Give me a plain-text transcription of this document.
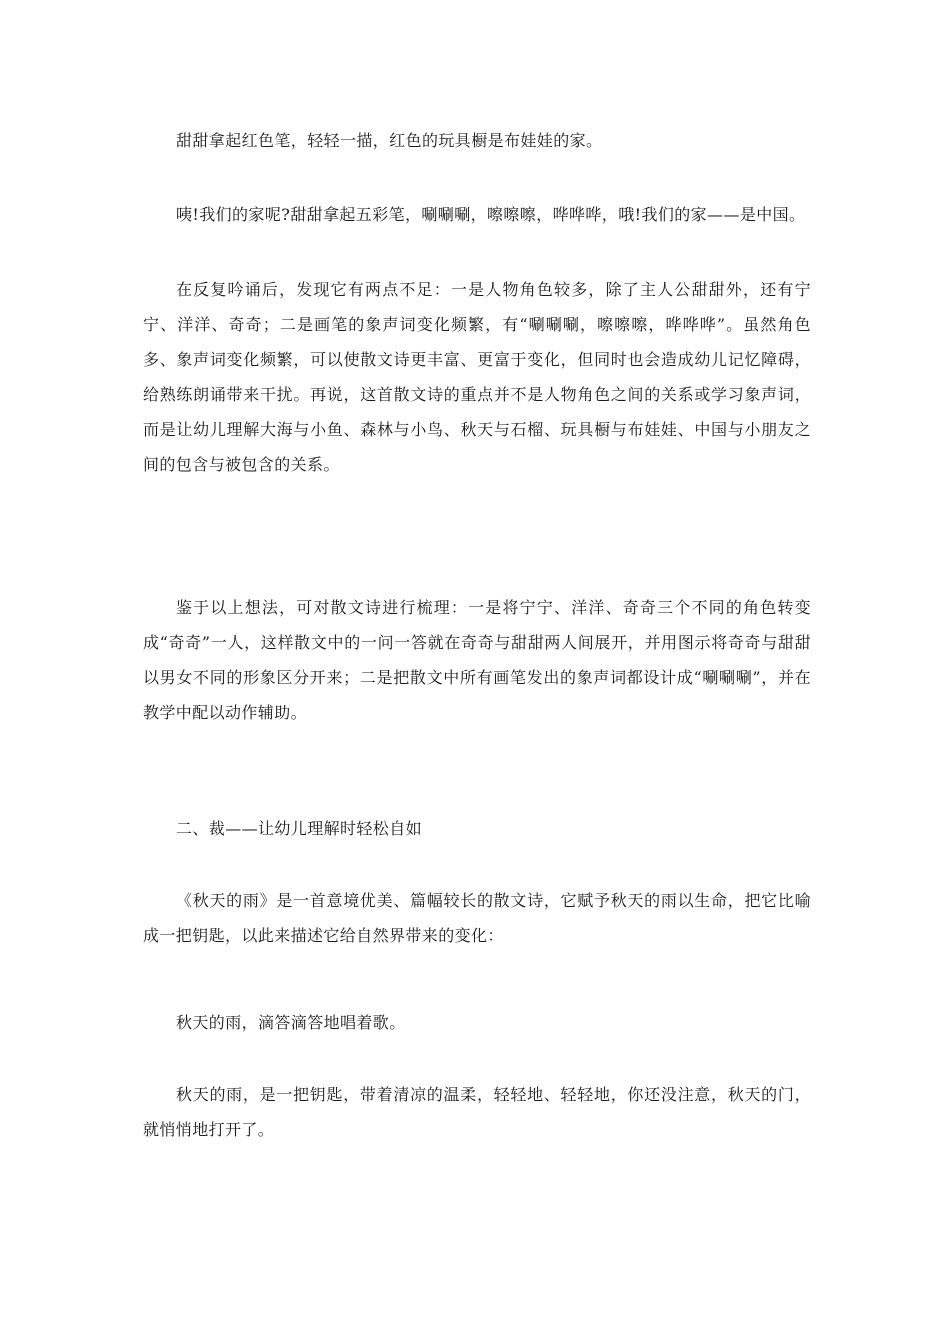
甜甜拿起红色笔，轻轻一描，红色的玩具橱是布娃娃的家。

咦!我们的家呢?甜甜拿起五彩笔，唰唰唰，嚓嚓嚓，哗哗哗，哦!我们的家——是中国。

在反复吟诵后，发现它有两点不足：一是人物角色较多，除了主人公甜甜外，还有宁宁、洋洋、奇奇；二是画笔的象声词变化频繁，有“唰唰唰，嚓嚓嚓，哗哗哗”。虽然角色多、象声词变化频繁，可以使散文诗更丰富、更富于变化，但同时也会造成幼儿记忆障碍，给熟练朗诵带来干扰。再说，这首散文诗的重点并不是人物角色之间的关系或学习象声词，而是让幼儿理解大海与小鱼、森林与小鸟、秋天与石榴、玩具橱与布娃娃、中国与小朋友之间的包含与被包含的关系。

鉴于以上想法，可对散文诗进行梳理：一是将宁宁、洋洋、奇奇三个不同的角色转变成“奇奇”一人，这样散文中的一问一答就在奇奇与甜甜两人间展开，并用图示将奇奇与甜甜以男女不同的形象区分开来；二是把散文中所有画笔发出的象声词都设计成“唰唰唰”，并在教学中配以动作辅助。

二、裁——让幼儿理解时轻松自如

《秋天的雨》是一首意境优美、篇幅较长的散文诗，它赋予秋天的雨以生命，把它比喻成一把钥匙，以此来描述它给自然界带来的变化：

秋天的雨，滴答滴答地唱着歌。

秋天的雨，是一把钥匙，带着清凉的温柔，轻轻地、轻轻地，你还没注意，秋天的门，就悄悄地打开了。
